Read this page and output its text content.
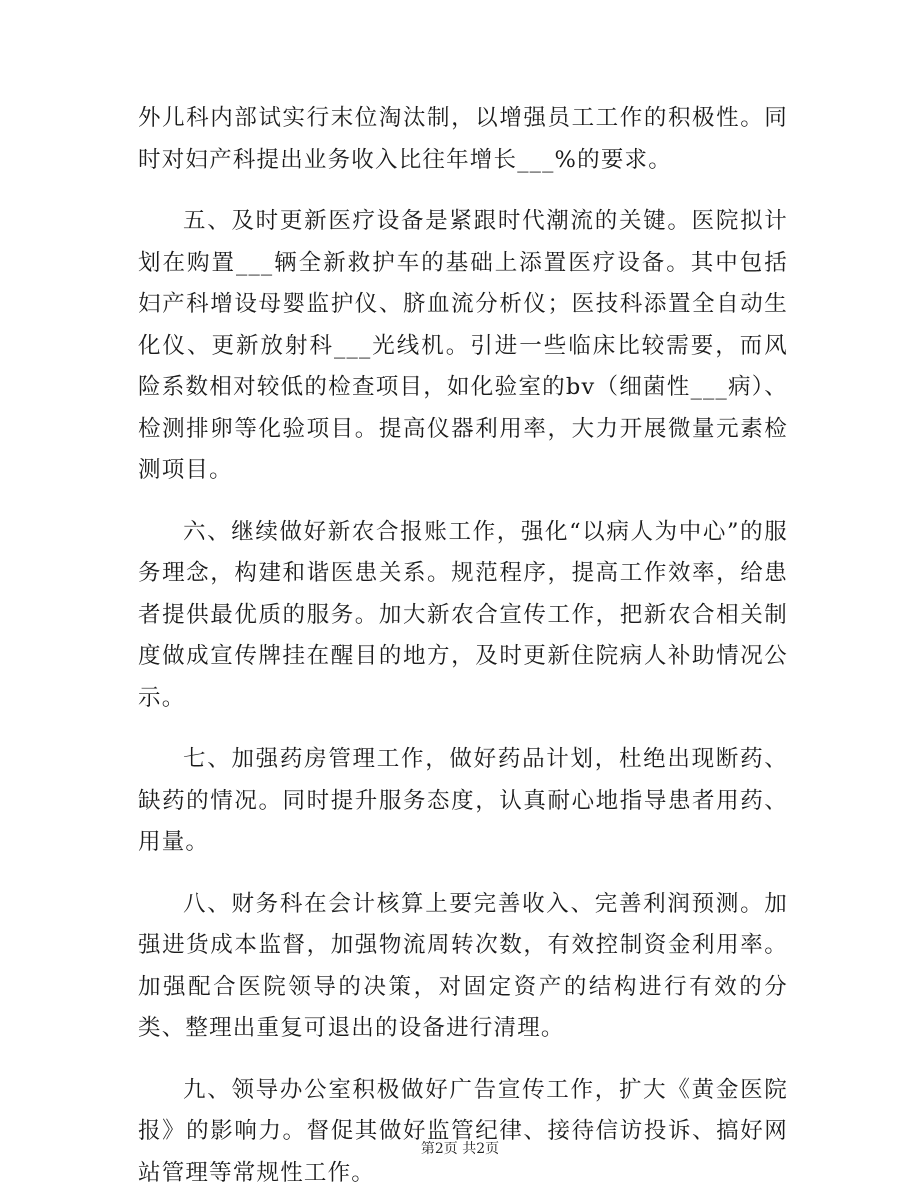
外儿科内部试实行末位淘汰制，以增强员工工作的积极性。同时对妇产科提出业务收入比往年增长___%的要求。

五、及时更新医疗设备是紧跟时代潮流的关键。医院拟计划在购置___辆全新救护车的基础上添置医疗设备。其中包括妇产科增设母婴监护仪、脐血流分析仪；医技科添置全自动生化仪、更新放射科___光线机。引进一些临床比较需要，而风险系数相对较低的检查项目，如化验室的bv（细菌性___病）、检测排卵等化验项目。提高仪器利用率，大力开展微量元素检测项目。

六、继续做好新农合报账工作，强化“以病人为中心”的服务理念，构建和谐医患关系。规范程序，提高工作效率，给患者提供最优质的服务。加大新农合宣传工作，把新农合相关制度做成宣传牌挂在醒目的地方，及时更新住院病人补助情况公示。

七、加强药房管理工作，做好药品计划，杜绝出现断药、缺药的情况。同时提升服务态度，认真耐心地指导患者用药、用量。

八、财务科在会计核算上要完善收入、完善利润预测。加强进货成本监督，加强物流周转次数，有效控制资金利用率。加强配合医院领导的决策，对固定资产的结构进行有效的分类、整理出重复可退出的设备进行清理。

九、领导办公室积极做好广告宣传工作，扩大《黄金医院报》的影响力。督促其做好监管纪律、接待信访投诉、搞好网站管理等常规性工作。

第2页 共2页
